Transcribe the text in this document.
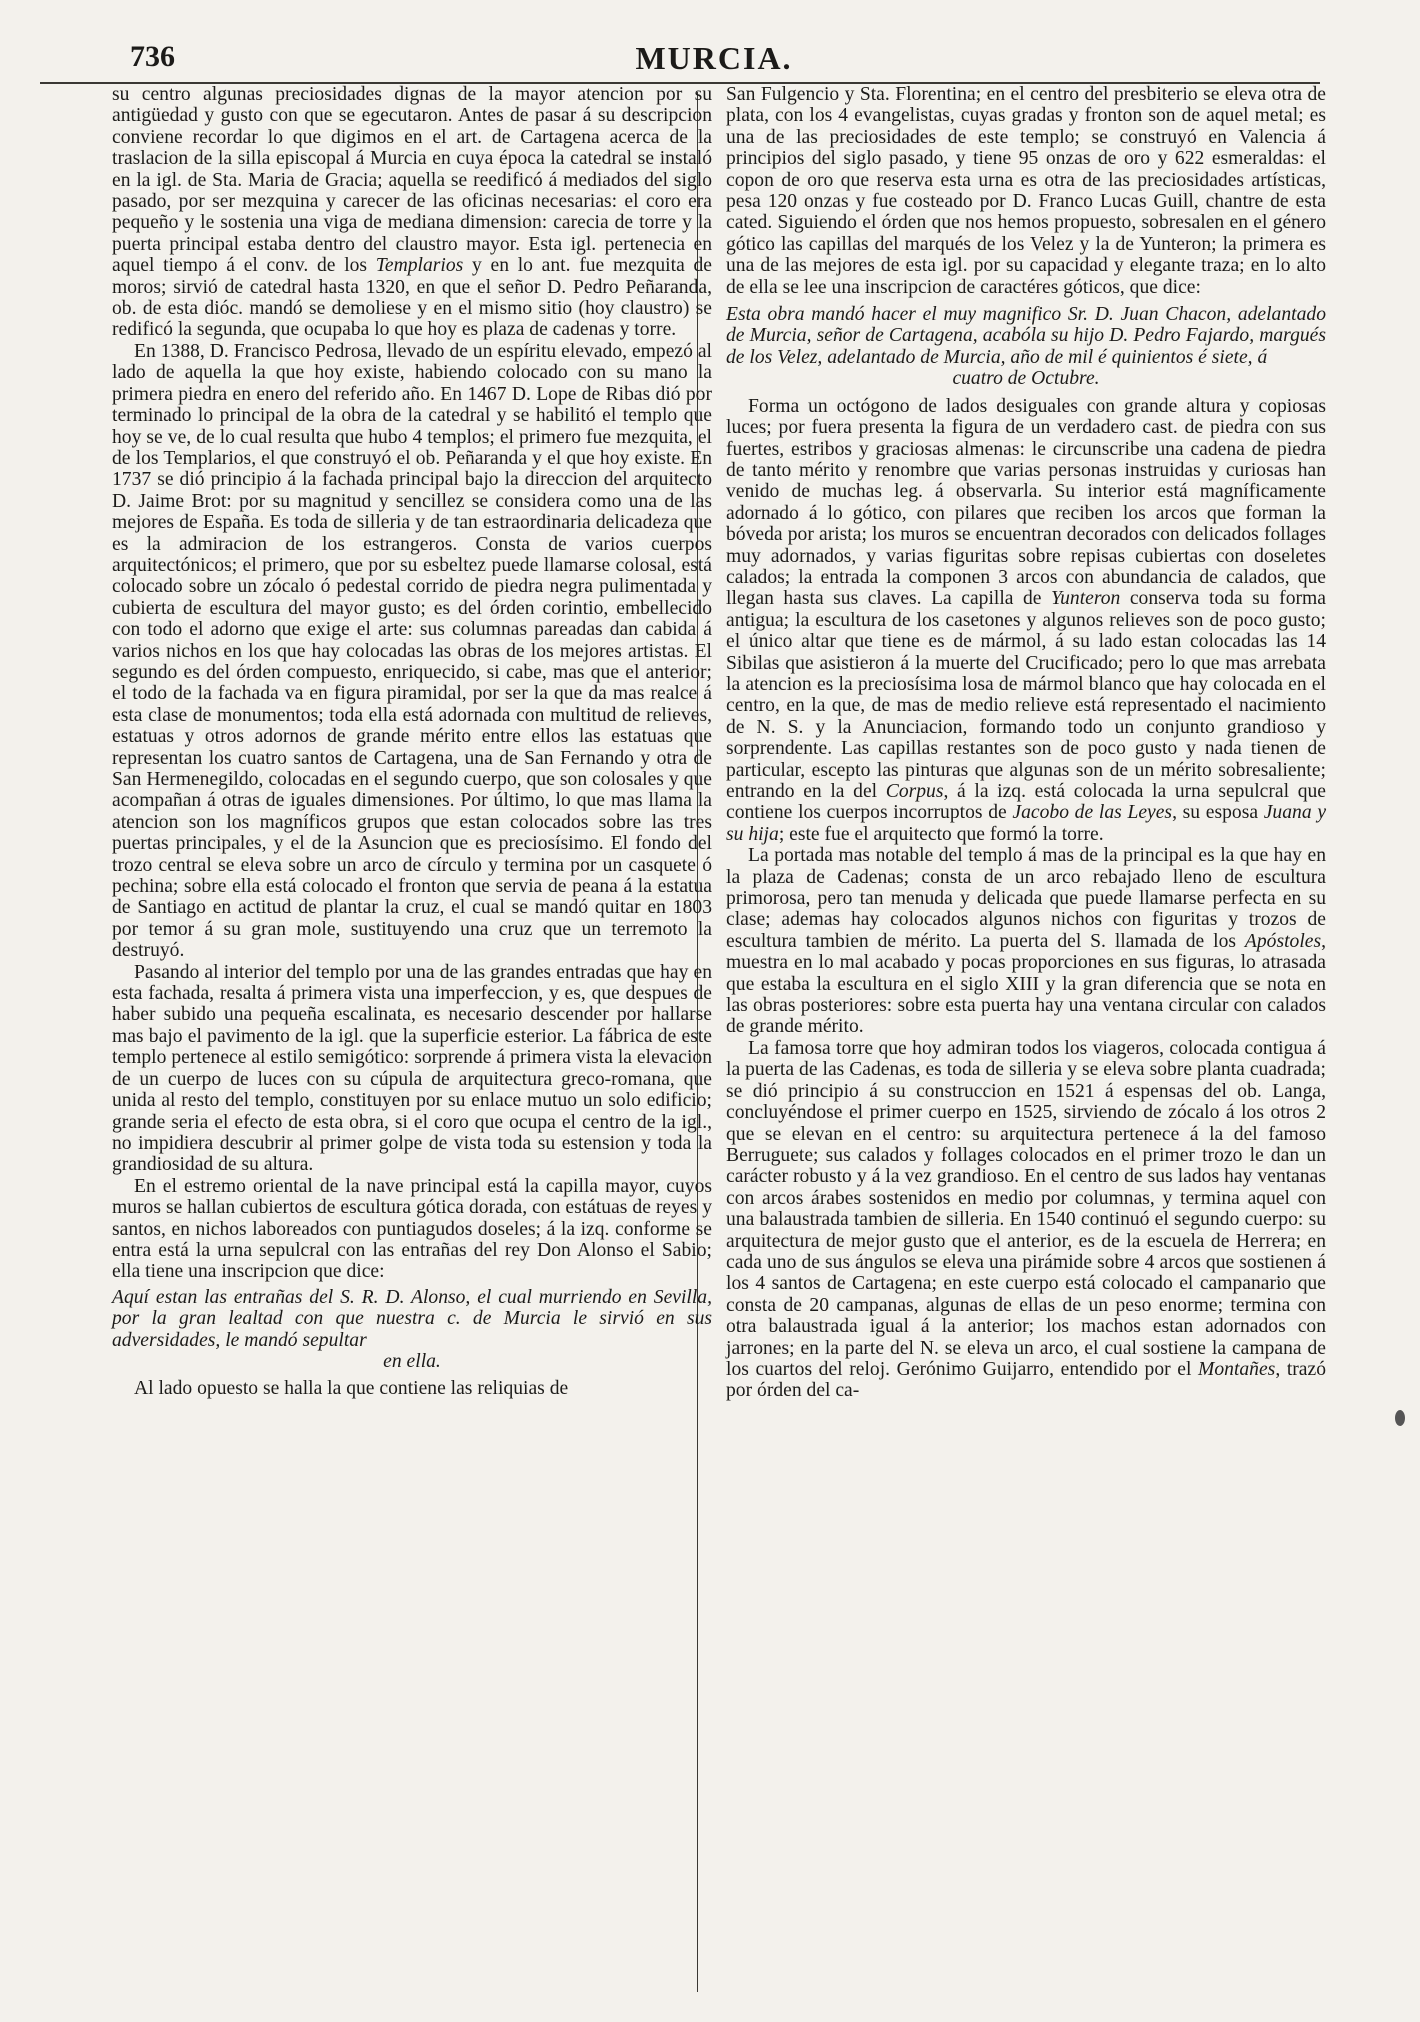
736	MURCIA.

su centro algunas preciosidades dignas de la mayor atencion por su antigüedad y gusto con que se egecutaron. Antes de pasar á su descripcion conviene recordar lo que digimos en el art. de Cartagena acerca de la traslacion de la silla episcopal á Murcia en cuya época la catedral se instaló en la igl. de Sta. Maria de Gracia; aquella se reedificó á mediados del siglo pasado, por ser mezquina y carecer de las oficinas necesarias: el coro era pequeño y le sostenia una viga de mediana dimension: carecia de torre y la puerta principal estaba dentro del claustro mayor. Esta igl. pertenecia en aquel tiempo á el conv. de los Templarios y en lo ant. fue mezquita de moros; sirvió de catedral hasta 1320, en que el señor D. Pedro Peñaranda, ob. de esta dióc. mandó se demoliese y en el mismo sitio (hoy claustro) se redificó la segunda, que ocupaba lo que hoy es plaza de cadenas y torre.

En 1388, D. Francisco Pedrosa, llevado de un espíritu elevado, empezó al lado de aquella la que hoy existe, habiendo colocado con su mano la primera piedra en enero del referido año. En 1467 D. Lope de Ribas dió por terminado lo principal de la obra de la catedral y se habilitó el templo que hoy se ve, de lo cual resulta que hubo 4 templos; el primero fue mezquita, el de los Templarios, el que construyó el ob. Peñaranda y el que hoy existe. En 1737 se dió principio á la fachada principal bajo la direccion del arquitecto D. Jaime Brot: por su magnitud y sencillez se considera como una de las mejores de España. Es toda de silleria y de tan estraordinaria delicadeza que es la admiracion de los estrangeros. Consta de varios cuerpos arquitectónicos; el primero, que por su esbeltez puede llamarse colosal, está colocado sobre un zócalo ó pedestal corrido de piedra negra pulimentada y cubierta de escultura del mayor gusto; es del órden corintio, embellecido con todo el adorno que exige el arte: sus columnas pareadas dan cabida á varios nichos en los que hay colocadas las obras de los mejores artistas. El segundo es del órden compuesto, enriquecido, si cabe, mas que el anterior; el todo de la fachada va en figura piramidal, por ser la que da mas realce á esta clase de monumentos; toda ella está adornada con multitud de relieves, estatuas y otros adornos de grande mérito entre ellos las estatuas que representan los cuatro santos de Cartagena, una de San Fernando y otra de San Hermenegildo, colocadas en el segundo cuerpo, que son colosales y que acompañan á otras de iguales dimensiones. Por último, lo que mas llama la atencion son los magníficos grupos que estan colocados sobre las tres puertas principales, y el de la Asuncion que es preciosísimo. El fondo del trozo central se eleva sobre un arco de círculo y termina por un casquete ó pechina; sobre ella está colocado el fronton que servia de peana á la estatua de Santiago en actitud de plantar la cruz, el cual se mandó quitar en 1803 por temor á su gran mole, sustituyendo una cruz que un terremoto la destruyó.

Pasando al interior del templo por una de las grandes entradas que hay en esta fachada, resalta á primera vista una imperfeccion, y es, que despues de haber subido una pequeña escalinata, es necesario descender por hallarse mas bajo el pavimento de la igl. que la superficie esterior. La fábrica de este templo pertenece al estilo semigótico: sorprende á primera vista la elevacion de un cuerpo de luces con su cúpula de arquitectura greco-romana, que unida al resto del templo, constituyen por su enlace mutuo un solo edificio; grande seria el efecto de esta obra, si el coro que ocupa el centro de la igl., no impidiera descubrir al primer golpe de vista toda su estension y toda la grandiosidad de su altura.

En el estremo oriental de la nave principal está la capilla mayor, cuyos muros se hallan cubiertos de escultura gótica dorada, con estátuas de reyes y santos, en nichos laboreados con puntiagudos doseles; á la izq. conforme se entra está la urna sepulcral con las entrañas del rey Don Alonso el Sabio; ella tiene una inscripcion que dice:

Aquí estan las entrañas del S. R. D. Alonso, el cual murriendo en Sevilla, por la gran lealtad con que nuestra c. de Murcia le sirvió en sus adversidades, le mandó sepultar
en ella.

Al lado opuesto se halla la que contiene las reliquias de

San Fulgencio y Sta. Florentina; en el centro del presbiterio se eleva otra de plata, con los 4 evangelistas, cuyas gradas y fronton son de aquel metal; es una de las preciosidades de este templo; se construyó en Valencia á principios del siglo pasado, y tiene 95 onzas de oro y 622 esmeraldas: el copon de oro que reserva esta urna es otra de las preciosidades artísticas, pesa 120 onzas y fue costeado por D. Franco Lucas Guill, chantre de esta cated. Siguiendo el órden que nos hemos propuesto, sobresalen en el género gótico las capillas del marqués de los Velez y la de Yunteron; la primera es una de las mejores de esta igl. por su capacidad y elegante traza; en lo alto de ella se lee una inscripcion de caractéres góticos, que dice:

Esta obra mandó hacer el muy magnifico Sr. D. Juan Chacon, adelantado de Murcia, señor de Cartagena, acabóla su hijo D. Pedro Fajardo, margués de los Velez, adelantado de Murcia, año de mil é quinientos é siete, á
cuatro de Octubre.

Forma un octógono de lados desiguales con grande altura y copiosas luces; por fuera presenta la figura de un verdadero cast. de piedra con sus fuertes, estribos y graciosas almenas: le circunscribe una cadena de piedra de tanto mérito y renombre que varias personas instruidas y curiosas han venido de muchas leg. á observarla. Su interior está magníficamente adornado á lo gótico, con pilares que reciben los arcos que forman la bóveda por arista; los muros se encuentran decorados con delicados follages muy adornados, y varias figuritas sobre repisas cubiertas con doseletes calados; la entrada la componen 3 arcos con abundancia de calados, que llegan hasta sus claves. La capilla de Yunteron conserva toda su forma antigua; la escultura de los casetones y algunos relieves son de poco gusto; el único altar que tiene es de mármol, á su lado estan colocadas las 14 Sibilas que asistieron á la muerte del Crucificado; pero lo que mas arrebata la atencion es la preciosísima losa de mármol blanco que hay colocada en el centro, en la que, de mas de medio relieve está representado el nacimiento de N. S. y la Anunciacion, formando todo un conjunto grandioso y sorprendente. Las capillas restantes son de poco gusto y nada tienen de particular, escepto las pinturas que algunas son de un mérito sobresaliente; entrando en la del Corpus, á la izq. está colocada la urna sepulcral que contiene los cuerpos incorruptos de Jacobo de las Leyes, su esposa Juana y su hija; este fue el arquitecto que formó la torre.

La portada mas notable del templo á mas de la principal es la que hay en la plaza de Cadenas; consta de un arco rebajado lleno de escultura primorosa, pero tan menuda y delicada que puede llamarse perfecta en su clase; ademas hay colocados algunos nichos con figuritas y trozos de escultura tambien de mérito. La puerta del S. llamada de los Apóstoles, muestra en lo mal acabado y pocas proporciones en sus figuras, lo atrasada que estaba la escultura en el siglo XIII y la gran diferencia que se nota en las obras posteriores: sobre esta puerta hay una ventana circular con calados de grande mérito.

La famosa torre que hoy admiran todos los viageros, colocada contigua á la puerta de las Cadenas, es toda de silleria y se eleva sobre planta cuadrada; se dió principio á su construccion en 1521 á espensas del ob. Langa, concluyéndose el primer cuerpo en 1525, sirviendo de zócalo á los otros 2 que se elevan en el centro: su arquitectura pertenece á la del famoso Berruguete; sus calados y follages colocados en el primer trozo le dan un carácter robusto y á la vez grandioso. En el centro de sus lados hay ventanas con arcos árabes sostenidos en medio por columnas, y termina aquel con una balaustrada tambien de silleria. En 1540 continuó el segundo cuerpo: su arquitectura de mejor gusto que el anterior, es de la escuela de Herrera; en cada uno de sus ángulos se eleva una pirámide sobre 4 arcos que sostienen á los 4 santos de Cartagena; en este cuerpo está colocado el campanario que consta de 20 campanas, algunas de ellas de un peso enorme; termina con otra balaustrada igual á la anterior; los machos estan adornados con jarrones; en la parte del N. se eleva un arco, el cual sostiene la campana de los cuartos del reloj. Gerónimo Guijarro, entendido por el Montañes, trazó por órden del ca-
